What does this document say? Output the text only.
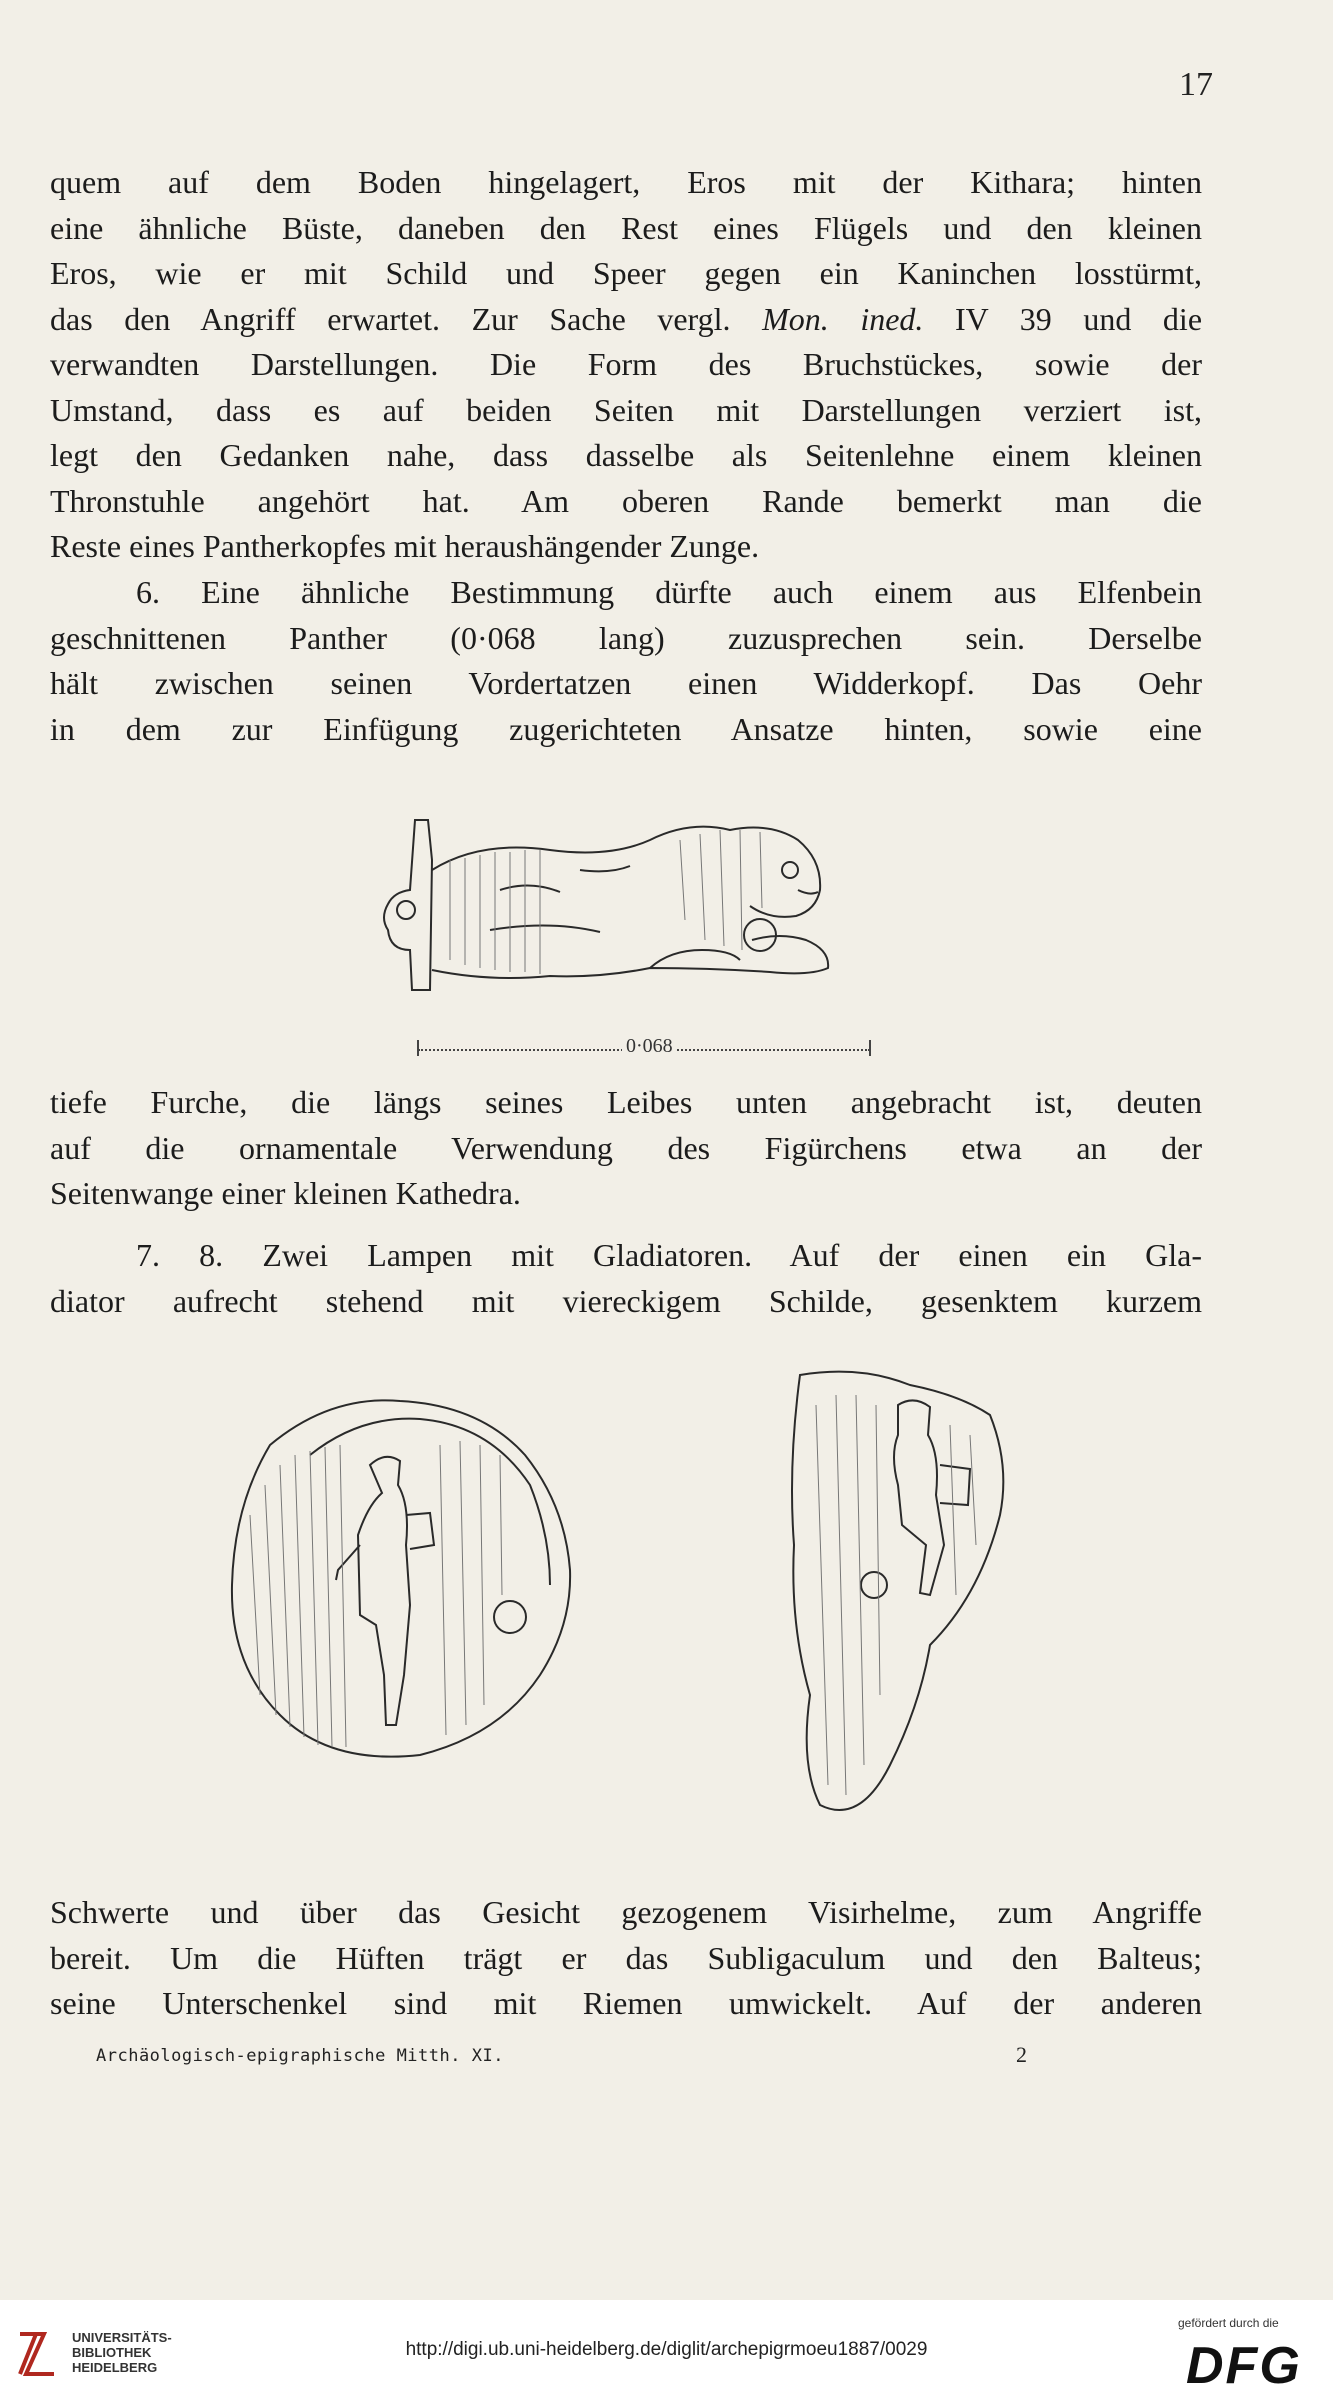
17
quem auf dem Boden hingelagert, Eros mit der Kithara; hinten
eine ähnliche Büste, daneben den Rest eines Flügels und den kleinen
Eros, wie er mit Schild und Speer gegen ein Kaninchen losstürmt,
das den Angriff erwartet. Zur Sache vergl. Mon. ined. IV 39 und die
verwandten Darstellungen. Die Form des Bruchstückes, sowie der
Umstand, dass es auf beiden Seiten mit Darstellungen verziert ist,
legt den Gedanken nahe, dass dasselbe als Seitenlehne einem kleinen
Thronstuhle angehört hat. Am oberen Rande bemerkt man die
Reste eines Pantherkopfes mit heraushängender Zunge.
6. Eine ähnliche Bestimmung dürfte auch einem aus Elfenbein
geschnittenen Panther (0·068 lang) zuzusprechen sein. Derselbe
hält zwischen seinen Vordertatzen einen Widderkopf. Das Oehr
in dem zur Einfügung zugerichteten Ansatze hinten, sowie eine
0·068
tiefe Furche, die längs seines Leibes unten angebracht ist, deuten
auf die ornamentale Verwendung des Figürchens etwa an der
Seitenwange einer kleinen Kathedra.
7. 8. Zwei Lampen mit Gladiatoren. Auf der einen ein Gla-
diator aufrecht stehend mit viereckigem Schilde, gesenktem kurzem
Schwerte und über das Gesicht gezogenem Visirhelme, zum Angriffe
bereit. Um die Hüften trägt er das Subligaculum und den Balteus;
seine Unterschenkel sind mit Riemen umwickelt. Auf der anderen
Archäologisch-epigraphische Mitth. XI.	2
UNIVERSITÄTS-
BIBLIOTHEK
HEIDELBERG
http://digi.ub.uni-heidelberg.de/diglit/archepigrmoeu1887/0029
gefördert durch die
DFG
